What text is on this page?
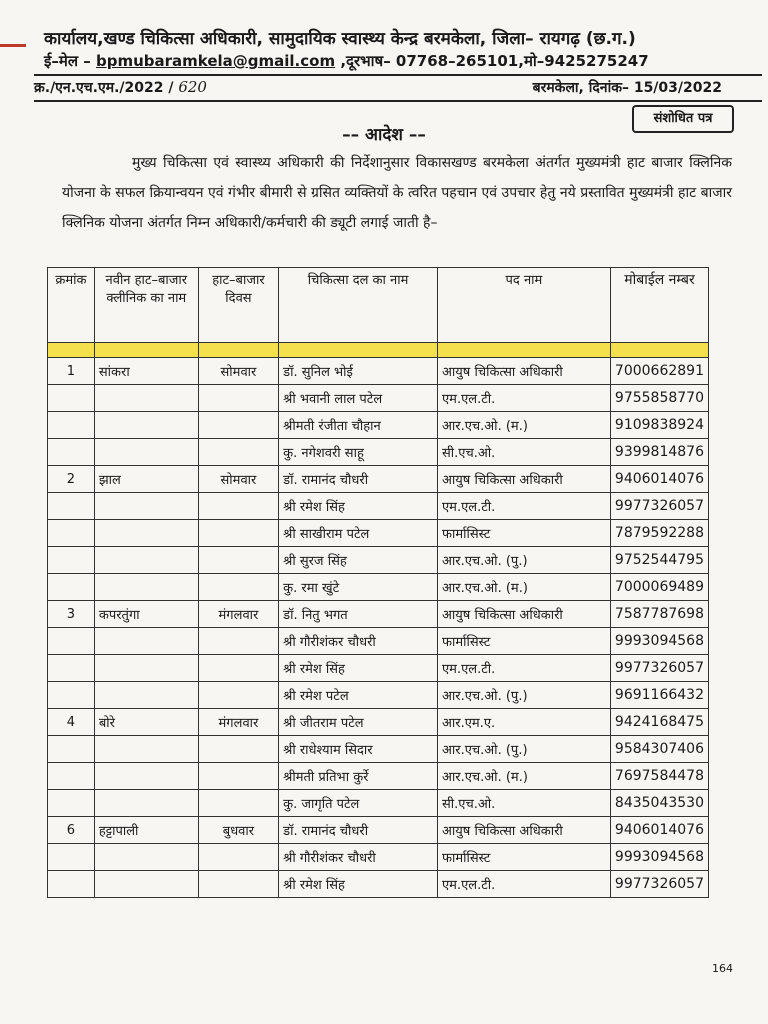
कार्यालय,खण्ड चिकित्सा अधिकारी, सामुदायिक स्वास्थ्य केन्द्र बरमकेला, जिला– रायगढ़ (छ.ग.)
ई–मेल – bpmubaramkela@gmail.com ,दूरभाष– 07768–265101,मो–9425275247
क्र./एन.एच.एम./2022 / 620	बरमकेला, दिनांक– 15/03/2022
संशोधित पत्र
–– आदेश ––
मुख्य चिकित्सा एवं स्वास्थ्य अधिकारी की निर्देशानुसार विकासखण्ड बरमकेला अंतर्गत मुख्यमंत्री हाट बाजार क्लिनिक योजना के सफल क्रियान्वयन एवं गंभीर बीमारी से ग्रसित व्यक्तियों के त्वरित पहचान एवं उपचार हेतु नये प्रस्तावित मुख्यमंत्री हाट बाजार क्लिनिक योजना अंतर्गत निम्न अधिकारी/कर्मचारी की ड्यूटी लगाई जाती है–
क्रमांक	नवीन हाट–बाजार क्लीनिक का नाम	हाट–बाजार दिवस	चिकित्सा दल का नाम	पद नाम	मोबाईल नम्बर

1	सांकरा	सोमवार	डॉ. सुनिल भोई	आयुष चिकित्सा अधिकारी	7000662891
			श्री भवानी लाल पटेल	एम.एल.टी.	9755858770
			श्रीमती रंजीता चौहान	आर.एच.ओ. (म.)	9109838924
			कु. नगेशवरी साहू	सी.एच.ओ.	9399814876
2	झाल	सोमवार	डॉ. रामानंद चौधरी	आयुष चिकित्सा अधिकारी	9406014076
			श्री रमेश सिंह	एम.एल.टी.	9977326057
			श्री साखीराम पटेल	फार्मासिस्ट	7879592288
			श्री सुरज सिंह	आर.एच.ओ. (पु.)	9752544795
			कु. रमा खुंटे	आर.एच.ओ. (म.)	7000069489
3	कपरतुंगा	मंगलवार	डॉ. नितु भगत	आयुष चिकित्सा अधिकारी	7587787698
			श्री गौरीशंकर चौधरी	फार्मासिस्ट	9993094568
			श्री रमेश सिंह	एम.एल.टी.	9977326057
			श्री रमेश पटेल	आर.एच.ओ. (पु.)	9691166432
4	बोरे	मंगलवार	श्री जीतराम पटेल	आर.एम.ए.	9424168475
			श्री राधेश्याम सिदार	आर.एच.ओ. (पु.)	9584307406
			श्रीमती प्रतिभा कुर्रे	आर.एच.ओ. (म.)	7697584478
			कु. जागृति पटेल	सी.एच.ओ.	8435043530
6	हट्टापाली	बुधवार	डॉ. रामानंद चौधरी	आयुष चिकित्सा अधिकारी	9406014076
			श्री गौरीशंकर चौधरी	फार्मासिस्ट	9993094568
			श्री रमेश सिंह	एम.एल.टी.	9977326057
164
